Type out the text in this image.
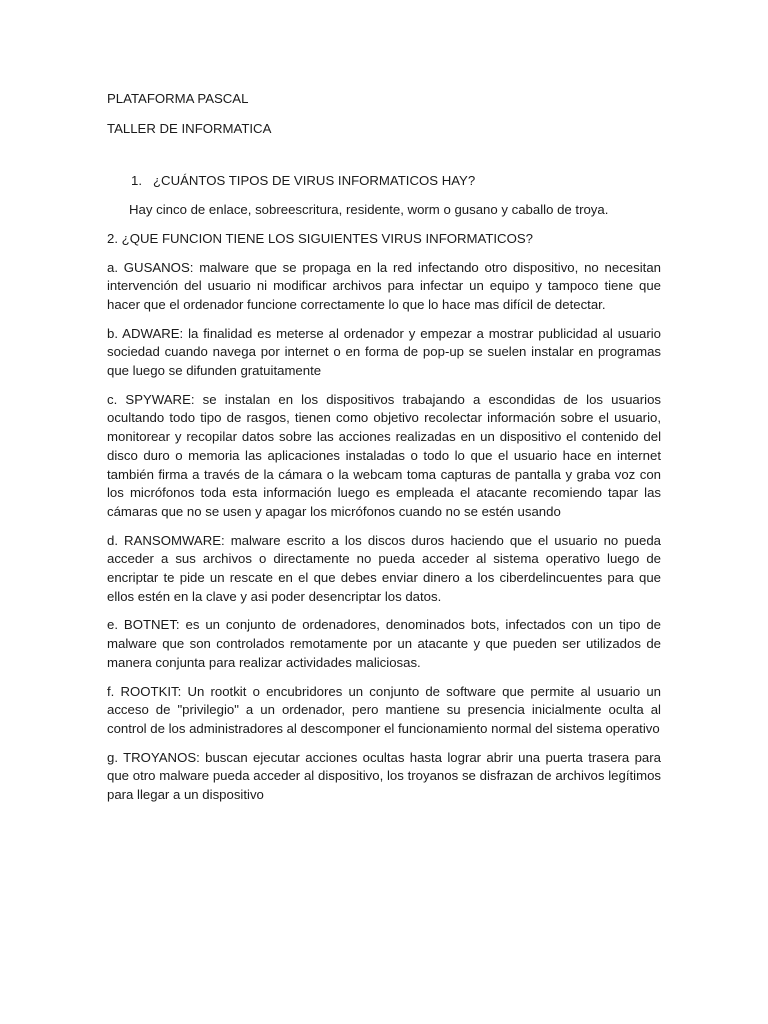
PLATAFORMA PASCAL

TALLER DE INFORMATICA

1. ¿CUÁNTOS TIPOS DE VIRUS INFORMATICOS HAY?

Hay cinco de enlace, sobreescritura, residente, worm o gusano y caballo de troya.

2. ¿QUE FUNCION TIENE LOS SIGUIENTES VIRUS INFORMATICOS?

a. GUSANOS: malware que se propaga en la red infectando otro dispositivo, no necesitan intervención del usuario ni modificar archivos para infectar un equipo y tampoco tiene que hacer que el ordenador funcione correctamente lo que lo hace mas difícil de detectar.

b. ADWARE: la finalidad es meterse al ordenador y empezar a mostrar publicidad al usuario sociedad cuando navega por internet o en forma de pop-up se suelen instalar en programas que luego se difunden gratuitamente

c. SPYWARE: se instalan en los dispositivos trabajando a escondidas de los usuarios ocultando todo tipo de rasgos, tienen como objetivo recolectar información sobre el usuario, monitorear y recopilar datos sobre las acciones realizadas en un dispositivo el contenido del disco duro o memoria las aplicaciones instaladas o todo lo que el usuario hace en internet también firma a través de la cámara o la webcam toma capturas de pantalla y graba voz con los micrófonos toda esta información luego es empleada el atacante recomiendo tapar las cámaras que no se usen y apagar los micrófonos cuando no se estén usando

d. RANSOMWARE: malware escrito a los discos duros haciendo que el usuario no pueda acceder a sus archivos o directamente no pueda acceder al sistema operativo luego de encriptar te pide un rescate en el que debes enviar dinero a los ciberdelincuentes para que ellos estén en la clave y asi poder desencriptar los datos.

e. BOTNET: es un conjunto de ordenadores, denominados bots, infectados con un tipo de malware que son controlados remotamente por un atacante y que pueden ser utilizados de manera conjunta para realizar actividades maliciosas.

f. ROOTKIT: Un rootkit o encubridores un conjunto de software que permite al usuario un acceso de "privilegio" a un ordenador, pero mantiene su presencia inicialmente oculta al control de los administradores al descomponer el funcionamiento normal del sistema operativo

g. TROYANOS: buscan ejecutar acciones ocultas hasta lograr abrir una puerta trasera para que otro malware pueda acceder al dispositivo, los troyanos se disfrazan de archivos legítimos para llegar a un dispositivo
